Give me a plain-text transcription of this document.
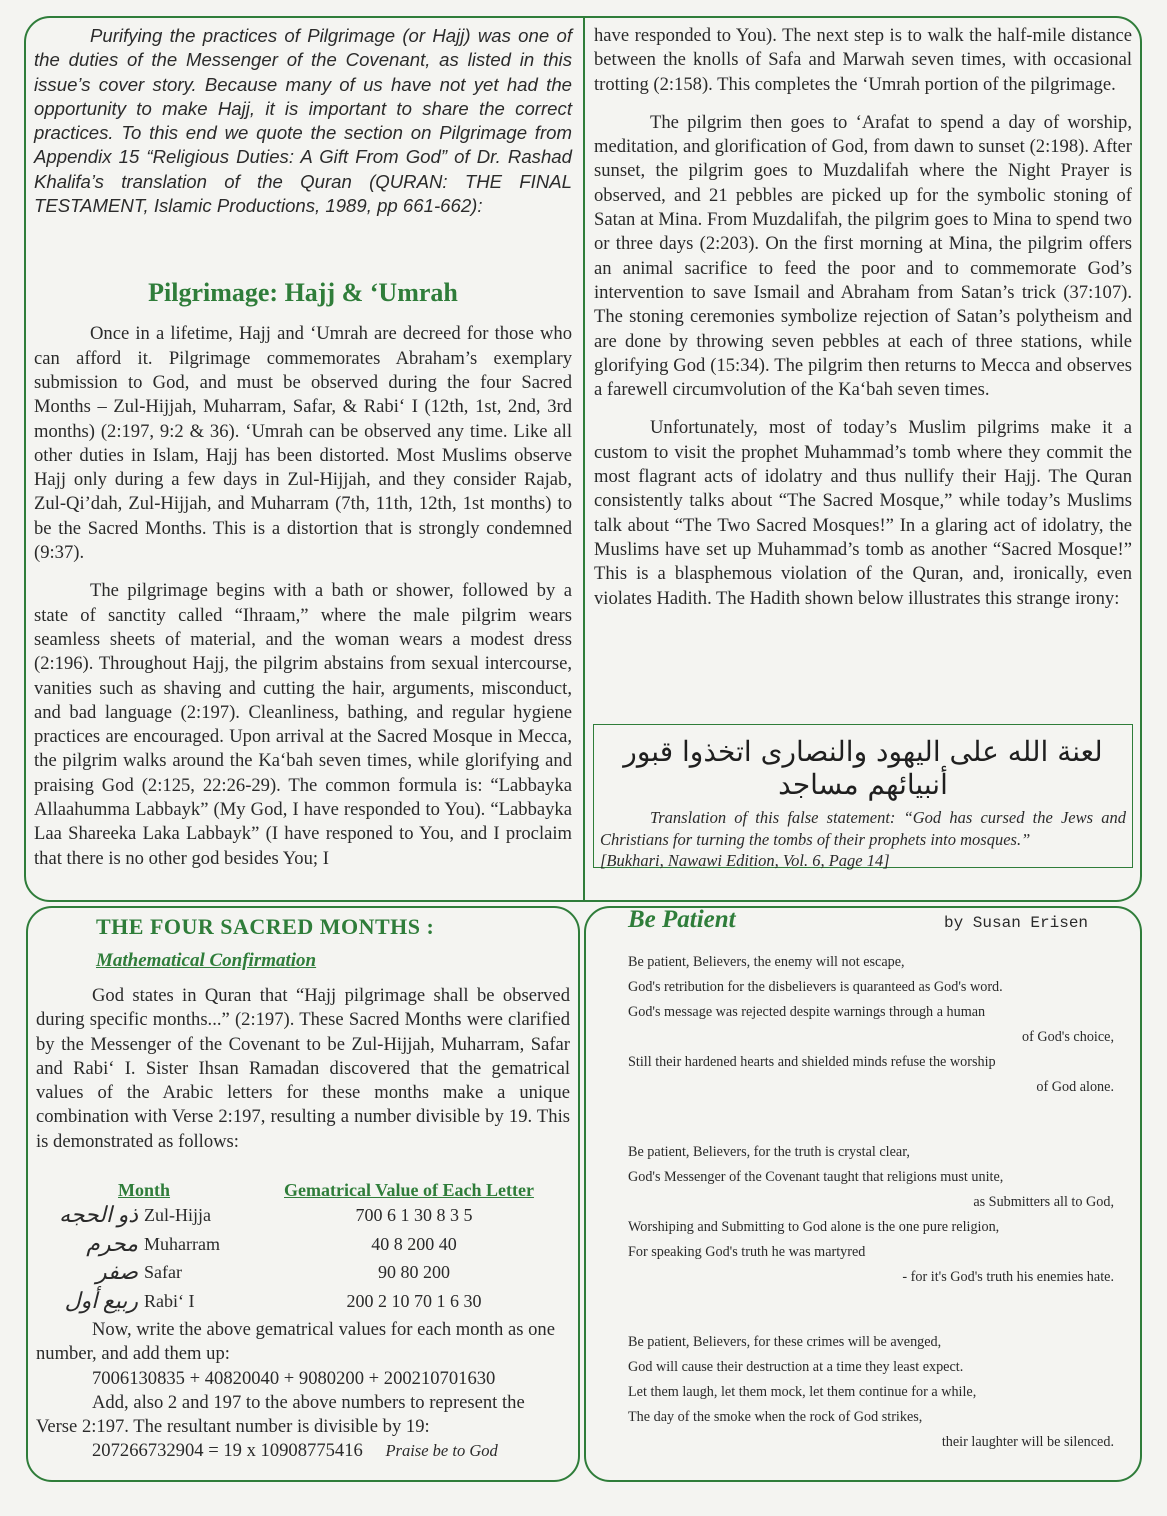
Purifying the practices of Pilgrimage (or Hajj) was one of the duties of the Messenger of the Covenant, as listed in this issue’s cover story. Because many of us have not yet had the opportunity to make Hajj, it is important to share the correct practices. To this end we quote the section on Pilgrimage from Appendix 15 “Religious Duties: A Gift From God” of Dr. Rashad Khalifa’s translation of the Quran (QURAN: THE FINAL TESTAMENT, Islamic Productions, 1989, pp 661-662):

Pilgrimage: Hajj & ‘Umrah

Once in a lifetime, Hajj and ‘Umrah are decreed for those who can afford it. Pilgrimage commemorates Abraham’s exemplary submission to God, and must be observed during the four Sacred Months – Zul-Hijjah, Muharram, Safar, & Rabi‘ I (12th, 1st, 2nd, 3rd months) (2:197, 9:2 & 36). ‘Umrah can be observed any time. Like all other duties in Islam, Hajj has been distorted. Most Muslims observe Hajj only during a few days in Zul-Hijjah, and they consider Rajab, Zul-Qi’dah, Zul-Hijjah, and Muharram (7th, 11th, 12th, 1st months) to be the Sacred Months. This is a distortion that is strongly condemned (9:37).

The pilgrimage begins with a bath or shower, followed by a state of sanctity called “Ihraam,” where the male pilgrim wears seamless sheets of material, and the woman wears a modest dress (2:196). Throughout Hajj, the pilgrim abstains from sexual intercourse, vanities such as shaving and cutting the hair, arguments, misconduct, and bad language (2:197). Cleanliness, bathing, and regular hygiene practices are encouraged. Upon arrival at the Sacred Mosque in Mecca, the pilgrim walks around the Ka‘bah seven times, while glorifying and praising God (2:125, 22:26-29). The common formula is: “Labbayka Allaahumma Labbayk” (My God, I have responded to You). “Labbayka Laa Shareeka Laka Labbayk” (I have responed to You, and I proclaim that there is no other god besides You; I

have responded to You). The next step is to walk the half-mile distance between the knolls of Safa and Marwah seven times, with occasional trotting (2:158). This completes the ‘Umrah portion of the pilgrimage.

The pilgrim then goes to ‘Arafat to spend a day of worship, meditation, and glorification of God, from dawn to sunset (2:198). After sunset, the pilgrim goes to Muzdalifah where the Night Prayer is observed, and 21 pebbles are picked up for the symbolic stoning of Satan at Mina. From Muzdalifah, the pilgrim goes to Mina to spend two or three days (2:203). On the first morning at Mina, the pilgrim offers an animal sacrifice to feed the poor and to commemorate God’s intervention to save Ismail and Abraham from Satan’s trick (37:107). The stoning ceremonies symbolize rejection of Satan’s polytheism and are done by throwing seven pebbles at each of three stations, while glorifying God (15:34). The pilgrim then returns to Mecca and observes a farewell circumvolution of the Ka‘bah seven times.

Unfortunately, most of today’s Muslim pilgrims make it a custom to visit the prophet Muhammad’s tomb where they commit the most flagrant acts of idolatry and thus nullify their Hajj. The Quran consistently talks about “The Sacred Mosque,” while today’s Muslims talk about “The Two Sacred Mosques!” In a glaring act of idolatry, the Muslims have set up Muhammad’s tomb as another “Sacred Mosque!” This is a blasphemous violation of the Quran, and, ironically, even violates Hadith. The Hadith shown below illustrates this strange irony:

لعنة الله على اليهود والنصارى اتخذوا قبور أنبيائهم مساجد
Translation of this false statement: “God has cursed the Jews and Christians for turning the tombs of their prophets into mosques.”
[Bukhari, Nawawi Edition, Vol. 6, Page 14]
THE FOUR SACRED MONTHS :
Mathematical Confirmation

God states in Quran that “Hajj pilgrimage shall be observed during specific months...” (2:197). These Sacred Months were clarified by the Messenger of the Covenant to be Zul-Hijjah, Muharram, Safar and Rabi‘ I. Sister Ihsan Ramadan discovered that the gematrical values of the Arabic letters for these months make a unique combination with Verse 2:197, resulting a number divisible by 19. This is demonstrated as follows:

Month	Gematrical Value of Each Letter
ذو الحجه Zul-Hijja	700 6 1 30 8 3 5
محرم Muharram	40 8 200 40
صفر Safar	90 80 200
ربيع أول Rabi‘ I	200 2 10 70 1 6 30
Now, write the above gematrical values for each month as one number, and add them up:
7006130835 + 40820040 + 9080200 + 200210701630
Add, also 2 and 197 to the above numbers to represent the Verse 2:197. The resultant number is divisible by 19:
207266732904 = 19 x 10908775416 Praise be to God
Be Patient	by Susan Erisen
Be patient, Believers, the enemy will not escape,
God's retribution for the disbelievers is quaranteed as God's word.
God's message was rejected despite warnings through a human
of God's choice,
Still their hardened hearts and shielded minds refuse the worship
of God alone.
Be patient, Believers, for the truth is crystal clear,
God's Messenger of the Covenant taught that religions must unite,
as Submitters all to God,
Worshiping and Submitting to God alone is the one pure religion,
For speaking God's truth he was martyred
- for it's God's truth his enemies hate.
Be patient, Believers, for these crimes will be avenged,
God will cause their destruction at a time they least expect.
Let them laugh, let them mock, let them continue for a while,
The day of the smoke when the rock of God strikes,
their laughter will be silenced.
